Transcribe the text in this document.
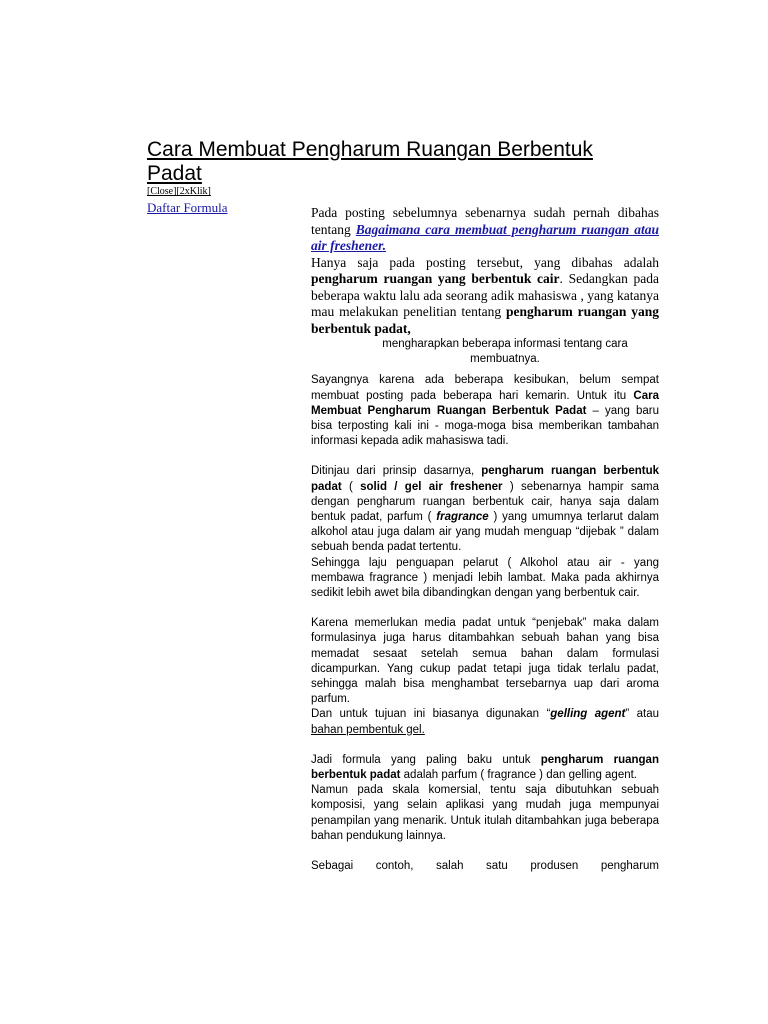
Cara Membuat Pengharum Ruangan Berbentuk Padat
[Close][2xKlik]
Daftar Formula	Pada posting sebelumnya sebenarnya sudah pernah dibahas tentang Bagaimana cara membuat pengharum ruangan atau air freshener.

Hanya saja pada posting tersebut, yang dibahas adalah pengharum ruangan yang berbentuk cair. Sedangkan pada beberapa waktu lalu ada seorang adik mahasiswa , yang katanya mau melakukan penelitian tentang pengharum ruangan yang berbentuk padat,

mengharapkan beberapa informasi tentang cara membuatnya.

Sayangnya karena ada beberapa kesibukan, belum sempat membuat posting pada beberapa hari kemarin. Untuk itu Cara Membuat Pengharum Ruangan Berbentuk Padat – yang baru bisa terposting kali ini - moga-moga bisa memberikan tambahan informasi kepada adik mahasiswa tadi.

Ditinjau dari prinsip dasarnya, pengharum ruangan berbentuk padat ( solid / gel air freshener ) sebenarnya hampir sama dengan pengharum ruangan berbentuk cair, hanya saja dalam bentuk padat, parfum ( fragrance ) yang umumnya terlarut dalam alkohol atau juga dalam air yang mudah menguap “dijebak ” dalam sebuah benda padat tertentu.

Sehingga laju penguapan pelarut ( Alkohol atau air - yang membawa fragrance ) menjadi lebih lambat. Maka pada akhirnya sedikit lebih awet bila dibandingkan dengan yang berbentuk cair.

Karena memerlukan media padat untuk “penjebak” maka dalam formulasinya juga harus ditambahkan sebuah bahan yang bisa memadat sesaat setelah semua bahan dalam formulasi dicampurkan. Yang cukup padat tetapi juga tidak terlalu padat, sehingga malah bisa menghambat tersebarnya uap dari aroma parfum.

Dan untuk tujuan ini biasanya digunakan “gelling agent” atau bahan pembentuk gel.

Jadi formula yang paling baku untuk pengharum ruangan berbentuk padat adalah parfum ( fragrance ) dan gelling agent.

Namun pada skala komersial, tentu saja dibutuhkan sebuah komposisi, yang selain aplikasi yang mudah juga mempunyai penampilan yang menarik. Untuk itulah ditambahkan juga beberapa bahan pendukung lainnya.

Sebagai contoh, salah satu produsen pengharum
